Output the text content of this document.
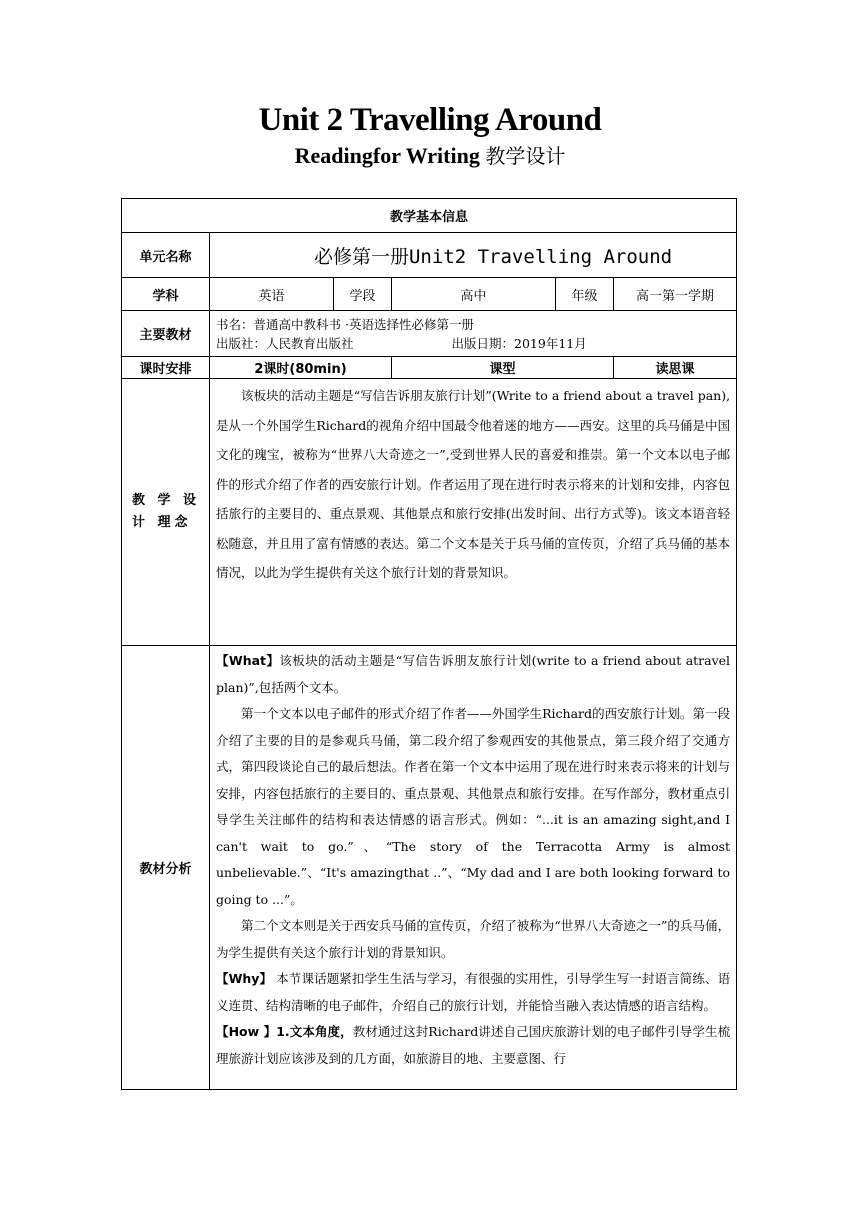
Unit 2 Travelling Around
Readingfor Writing 教学设计
教学基本信息					
单元名称	必修第一册Unit2 Travelling Around				
学科	英语	学段	高中	年级	高一第一学期
主要教材	书名：普通高中教科书 ·英语选择性必修第一册
出版社：人民教育出版社 出版日期：2019年11月				

课时安排	2课时(80min)		课型		读思课
教 学 设 计 理念	该板块的活动主题是“写信告诉朋友旅行计划”(Write to a friend about a travel pan),是从一个外国学生Richard的视角介绍中国最令他着迷的地方——西安。这里的兵马俑是中国文化的瑰宝，被称为“世界八大奇迹之一”,受到世界人民的喜爱和推崇。第一个文本以电子邮件的形式介绍了作者的西安旅行计划。作者运用了现在进行时表示将来的计划和安排，内容包括旅行的主要目的、重点景观、其他景点和旅行安排(出发时间、出行方式等)。该文本语音轻松随意，并且用了富有情感的表达。第二个文本是关于兵马俑的宣传页，介绍了兵马俑的基本情况，以此为学生提供有关这个旅行计划的背景知识。				

教材分析	【What】该板块的活动主题是“写信告诉朋友旅行计划(write to a friend about atravel plan)”,包括两个文本。

第一个文本以电子邮件的形式介绍了作者——外国学生Richard的西安旅行计划。第一段介绍了主要的目的是参观兵马俑，第二段介绍了参观西安的其他景点，第三段介绍了交通方式，第四段谈论自己的最后想法。作者在第一个文本中运用了现在进行时来表示将来的计划与安排，内容包括旅行的主要目的、重点景观、其他景点和旅行安排。在写作部分，教材重点引导学生关注邮件的结构和表达情感的语言形式。例如：“...it is an amazing sight,and I can't wait to go.”、“The story of the Terracotta Army is almost unbelievable.”、“It's amazingthat ..”、“My dad and I are both looking forward to going to ...”。

第二个文本则是关于西安兵马俑的宣传页，介绍了被称为“世界八大奇迹之一”的兵马俑，为学生提供有关这个旅行计划的背景知识。

【Why】 本节课话题紧扣学生生活与学习，有很强的实用性，引导学生写一封语言简练、语义连贯、结构清晰的电子邮件，介绍自己的旅行计划，并能恰当融入表达情感的语言结构。

【How 】1.文本角度，教材通过这封Richard讲述自己国庆旅游计划的电子邮件引导学生梳理旅游计划应该涉及到的几方面，如旅游目的地、主要意图、行				
